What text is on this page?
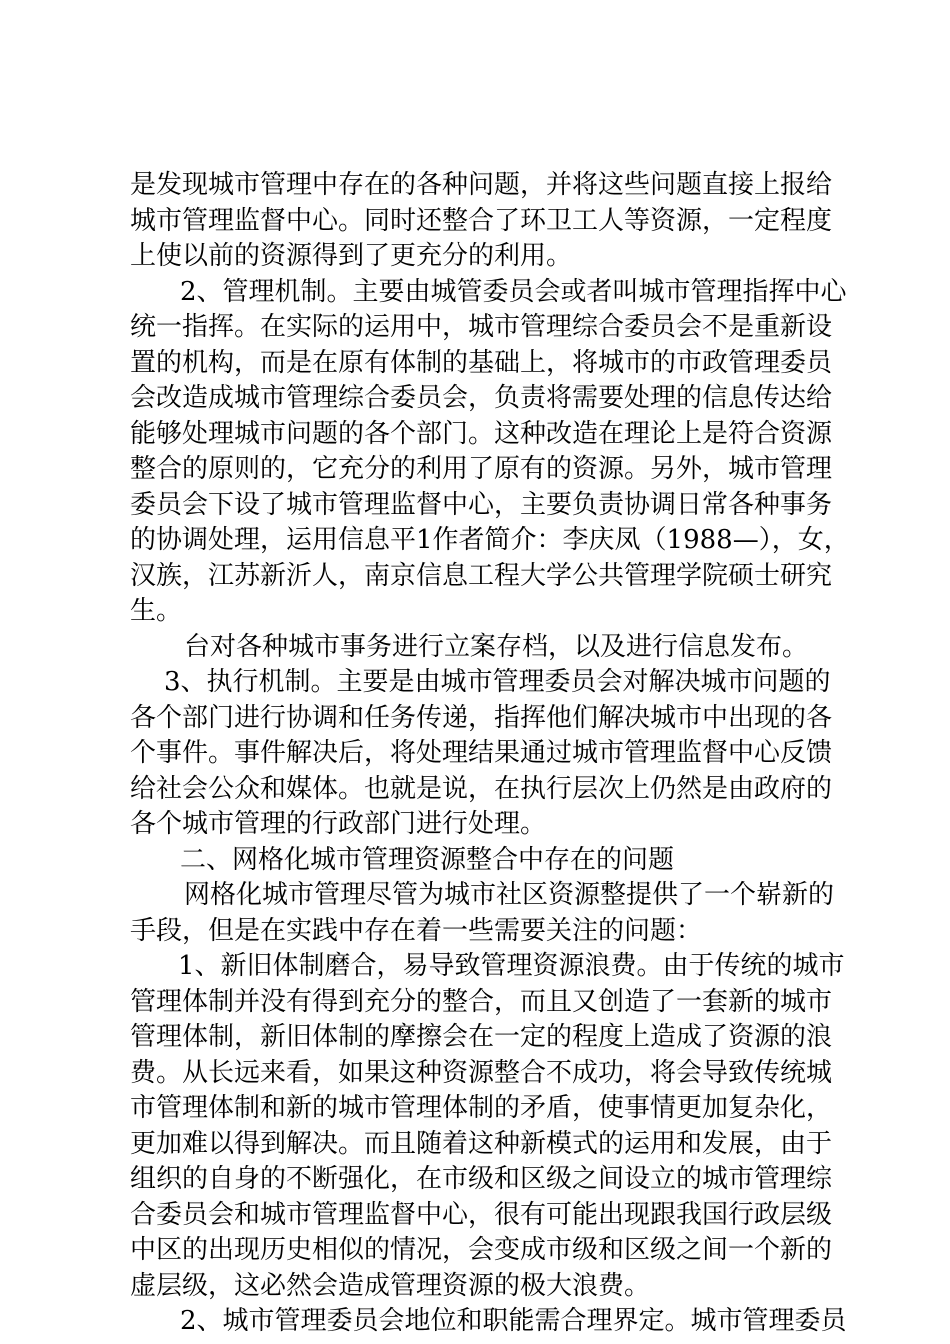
是发现城市管理中存在的各种问题，并将这些问题直接上报给
城市管理监督中心。同时还整合了环卫工人等资源，一定程度
上使以前的资源得到了更充分的利用。
2、管理机制。主要由城管委员会或者叫城市管理指挥中心
统一指挥。在实际的运用中，城市管理综合委员会不是重新设
置的机构，而是在原有体制的基础上，将城市的市政管理委员
会改造成城市管理综合委员会，负责将需要处理的信息传达给
能够处理城市问题的各个部门。这种改造在理论上是符合资源
整合的原则的，它充分的利用了原有的资源。另外，城市管理
委员会下设了城市管理监督中心，主要负责协调日常各种事务
的协调处理，运用信息平1作者简介：李庆凤（1988—），女，
汉族，江苏新沂人，南京信息工程大学公共管理学院硕士研究
生。
台对各种城市事务进行立案存档，以及进行信息发布。
3、执行机制。主要是由城市管理委员会对解决城市问题的
各个部门进行协调和任务传递，指挥他们解决城市中出现的各
个事件。事件解决后，将处理结果通过城市管理监督中心反馈
给社会公众和媒体。也就是说，在执行层次上仍然是由政府的
各个城市管理的行政部门进行处理。
二、网格化城市管理资源整合中存在的问题
网格化城市管理尽管为城市社区资源整提供了一个崭新的
手段，但是在实践中存在着一些需要关注的问题：
1、新旧体制磨合，易导致管理资源浪费。由于传统的城市
管理体制并没有得到充分的整合，而且又创造了一套新的城市
管理体制，新旧体制的摩擦会在一定的程度上造成了资源的浪
费。从长远来看，如果这种资源整合不成功，将会导致传统城
市管理体制和新的城市管理体制的矛盾，使事情更加复杂化，
更加难以得到解决。而且随着这种新模式的运用和发展，由于
组织的自身的不断强化，在市级和区级之间设立的城市管理综
合委员会和城市管理监督中心，很有可能出现跟我国行政层级
中区的出现历史相似的情况，会变成市级和区级之间一个新的
虚层级，这必然会造成管理资源的极大浪费。
2、城市管理委员会地位和职能需合理界定。城市管理委员
